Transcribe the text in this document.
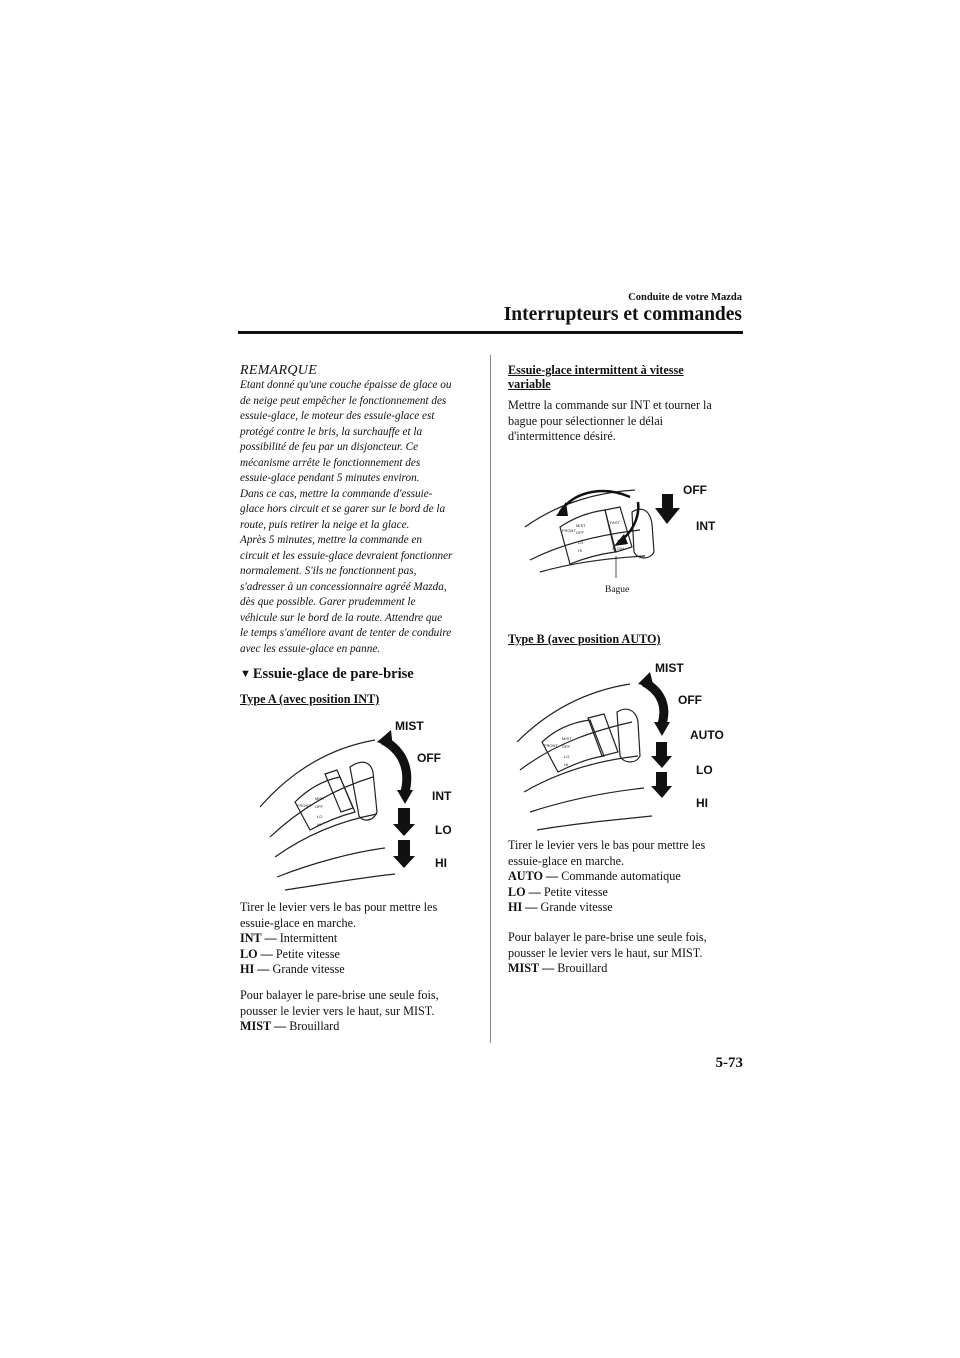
Conduite de votre Mazda
Interrupteurs et commandes
REMARQUE
Etant donné qu'une couche épaisse de glace ou
de neige peut empêcher le fonctionnement des
essuie-glace, le moteur des essuie-glace est
protégé contre le bris, la surchauffe et la
possibilité de feu par un disjoncteur. Ce
mécanisme arrête le fonctionnement des
essuie-glace pendant 5 minutes environ.
Dans ce cas, mettre la commande d'essuie-
glace hors circuit et se garer sur le bord de la
route, puis retirer la neige et la glace.
Après 5 minutes, mettre la commande en
circuit et les essuie-glace devraient fonctionner
normalement. S'ils ne fonctionnent pas,
s'adresser à un concessionnaire agréé Mazda,
dès que possible. Garer prudemment le
véhicule sur le bord de la route. Attendre que
le temps s'améliore avant de tenter de conduire
avec les essuie-glace en panne.
▼ Essuie-glace de pare-brise
Type A (avec position INT)
FRONT
MIST
OFF
LO
HI
MIST
OFF
INT
LO
HI
Tirer le levier vers le bas pour mettre les
essuie-glace en marche.
INT — Intermittent
LO — Petite vitesse
HI — Grande vitesse
Pour balayer le pare-brise une seule fois,
pousser le levier vers le haut, sur MIST.
MIST — Brouillard
Essuie-glace intermittent à vitesse
variable
Mettre la commande sur INT et tourner la
bague pour sélectionner le délai
d'intermittence désiré.
FRONT
MIST
OFF
LO
HI
FAST
SLOW
OFF
INT
Bague
Type B (avec position AUTO)
FRONT
MIST
OFF
LO
HI
MIST
OFF
AUTO
LO
HI
Tirer le levier vers le bas pour mettre les
essuie-glace en marche.
AUTO — Commande automatique
LO — Petite vitesse
HI — Grande vitesse
Pour balayer le pare-brise une seule fois,
pousser le levier vers le haut, sur MIST.
MIST — Brouillard
5-73
